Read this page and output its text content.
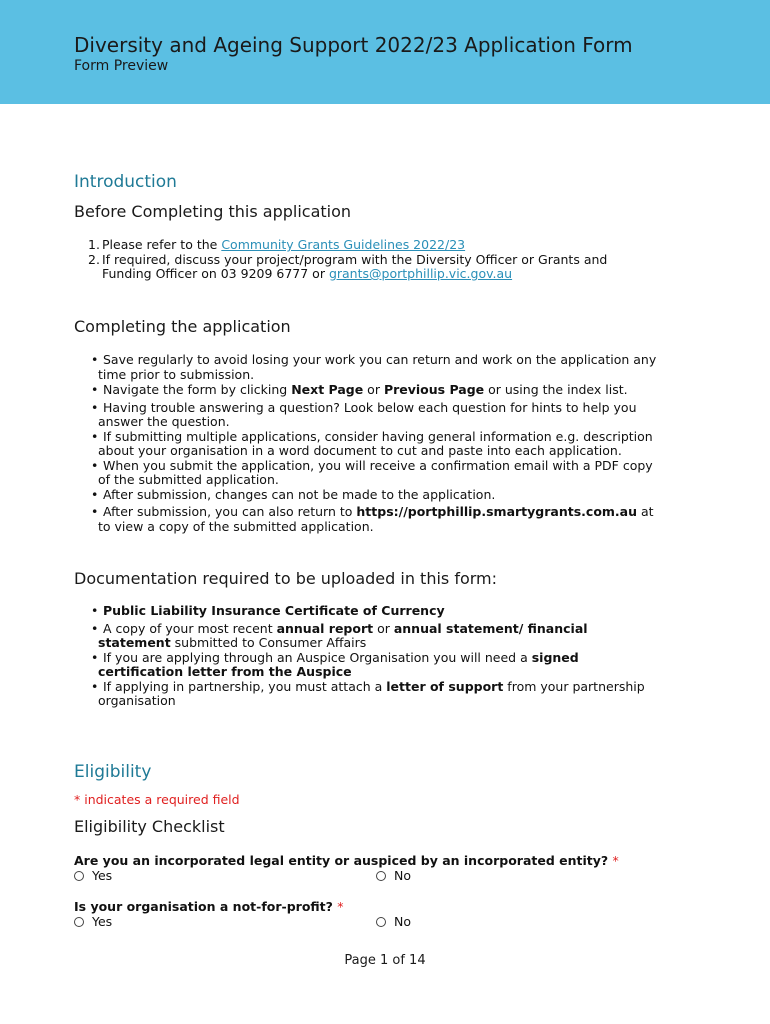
Diversity and Ageing Support 2022/23 Application Form
Form Preview
Introduction
Before Completing this application
1. Please refer to the Community Grants Guidelines 2022/23
2. If required, discuss your project/program with the Diversity Officer or Grants and
Funding Officer on 03 9209 6777 or grants@portphillip.vic.gov.au
Completing the application
• Save regularly to avoid losing your work you can return and work on the application any
time prior to submission.
• Navigate the form by clicking Next Page or Previous Page or using the index list.
• Having trouble answering a question? Look below each question for hints to help you
answer the question.
• If submitting multiple applications, consider having general information e.g. description
about your organisation in a word document to cut and paste into each application.
• When you submit the application, you will receive a confirmation email with a PDF copy
of the submitted application.
• After submission, changes can not be made to the application.
• After submission, you can also return to https://portphillip.smartygrants.com.au at
to view a copy of the submitted application.
Documentation required to be uploaded in this form:
• Public Liability Insurance Certificate of Currency
• A copy of your most recent annual report or annual statement/ financial
statement submitted to Consumer Affairs
• If you are applying through an Auspice Organisation you will need a signed
certification letter from the Auspice
• If applying in partnership, you must attach a letter of support from your partnership
organisation
Eligibility
* indicates a required field
Eligibility Checklist
Are you an incorporated legal entity or auspiced by an incorporated entity? *
Yes	No
Is your organisation a not-for-profit? *
Yes	No
Page 1 of 14
